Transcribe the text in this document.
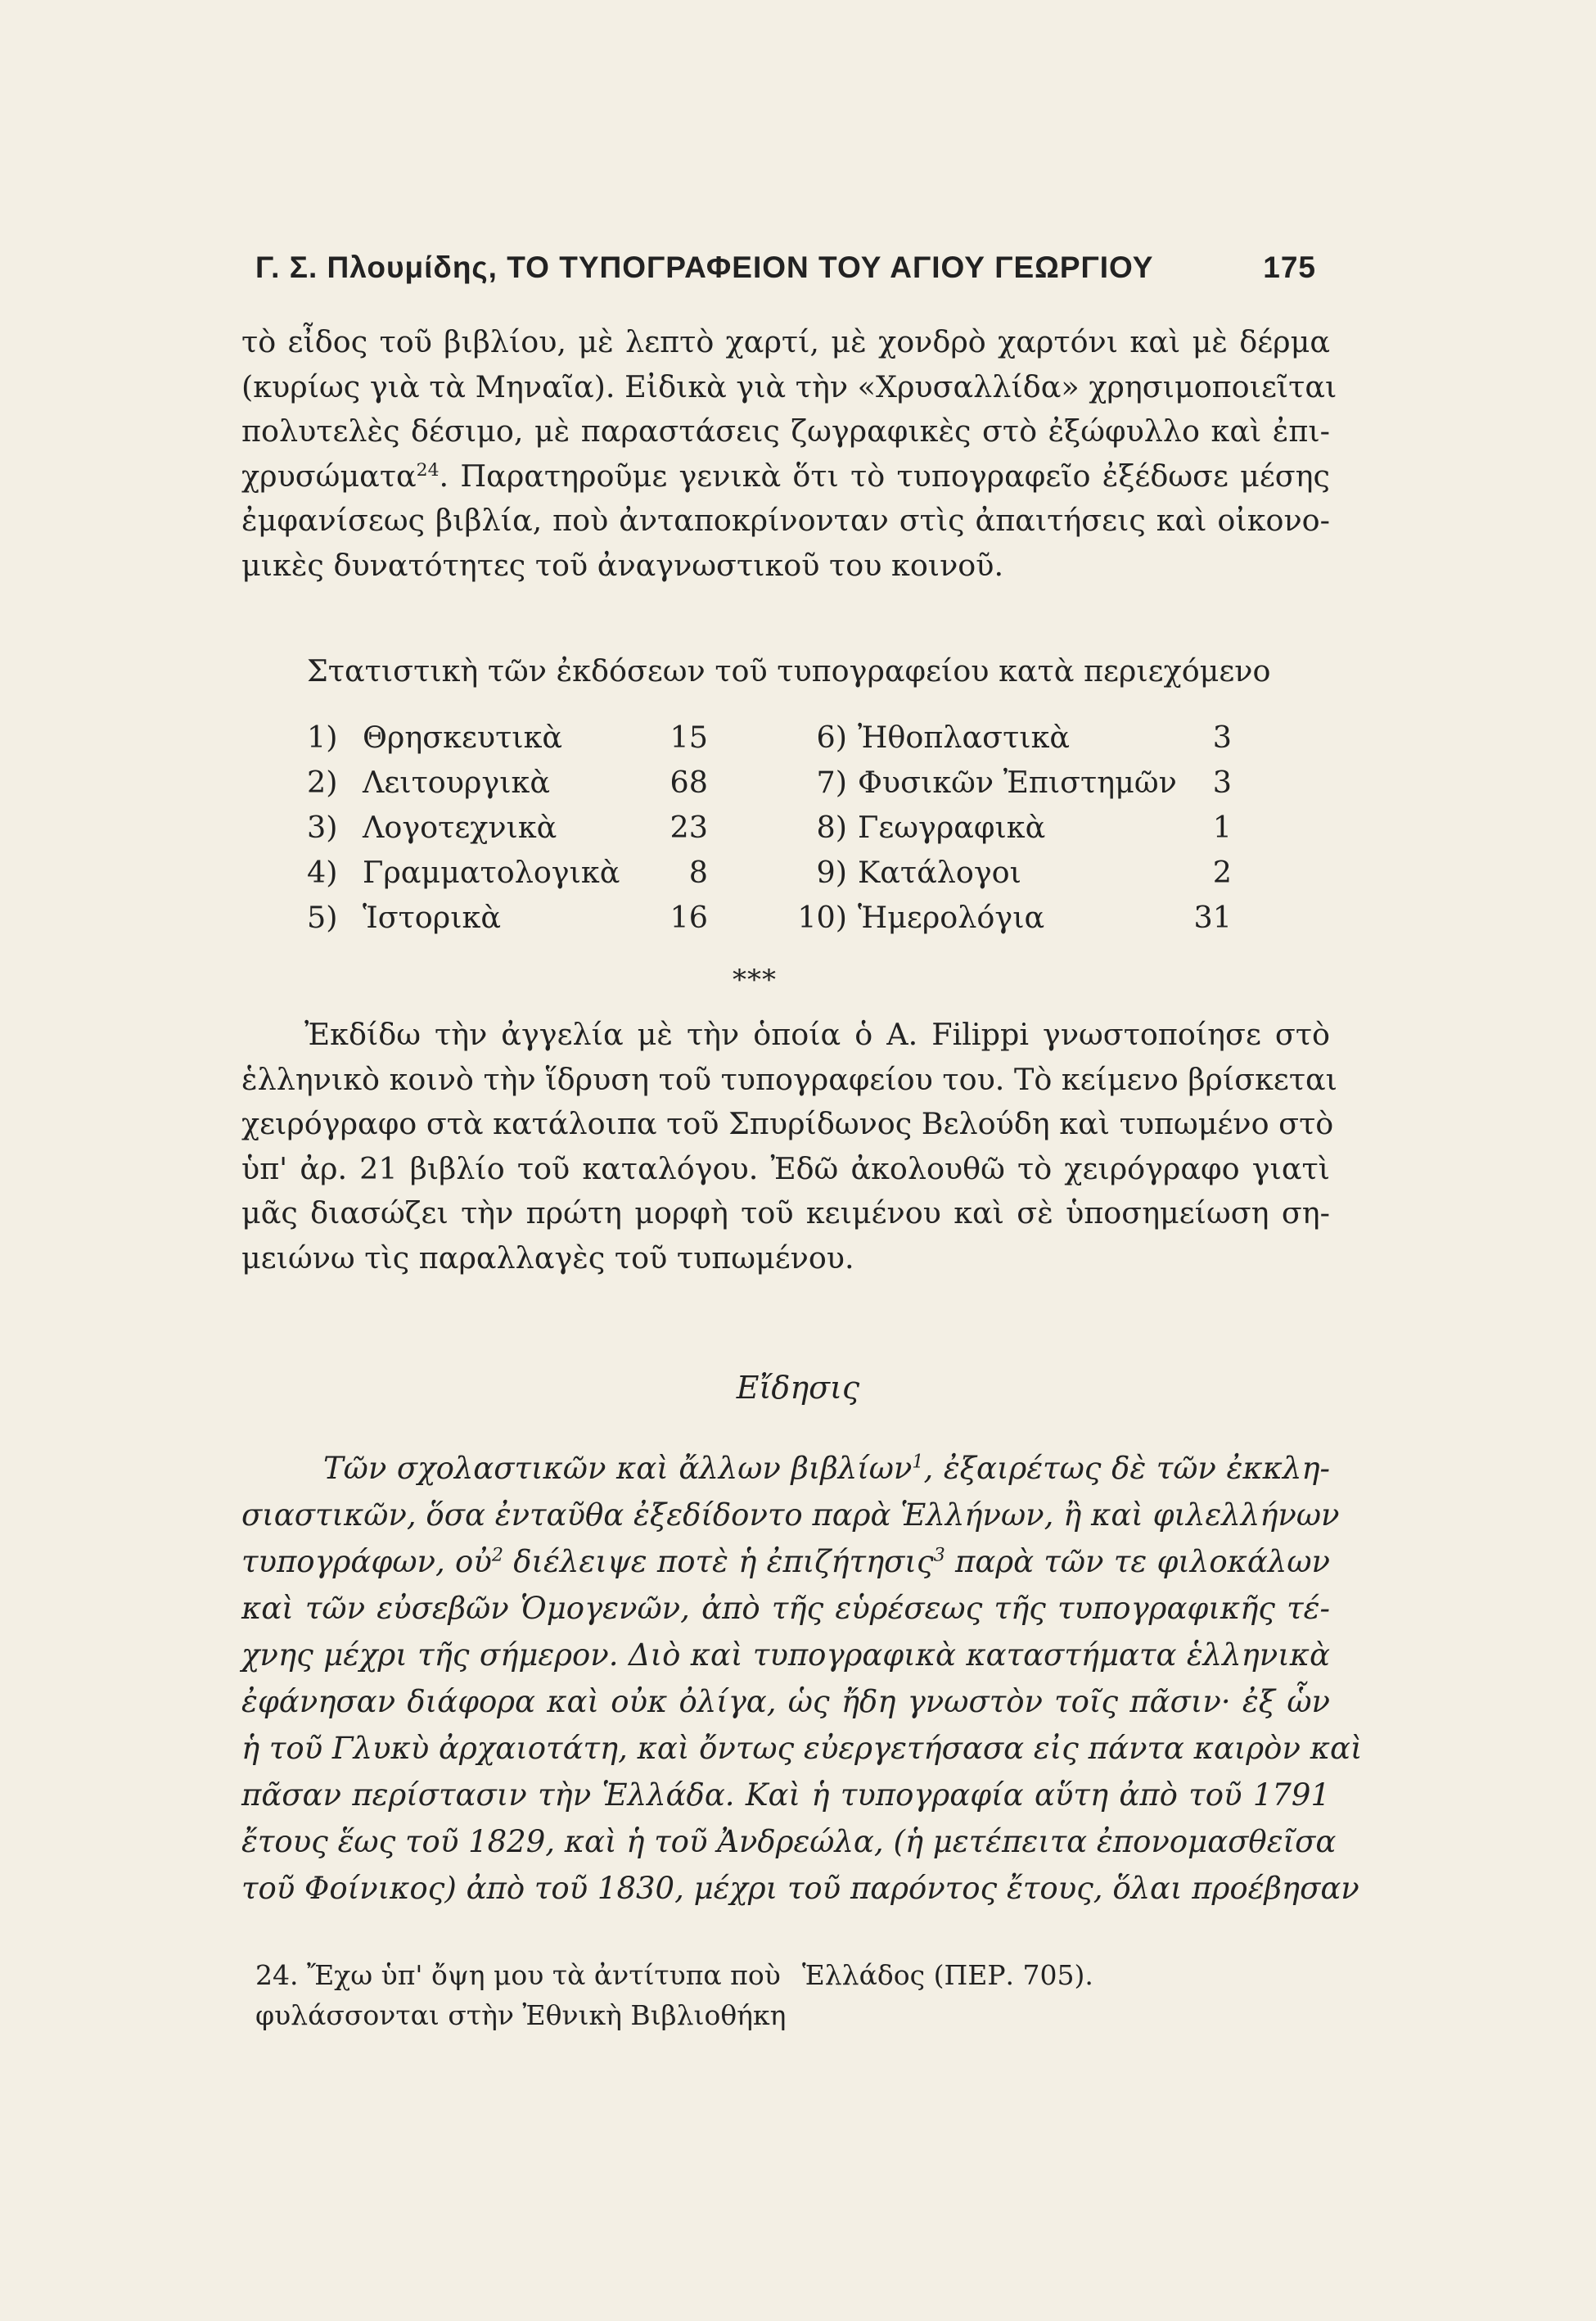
Γ. Σ. Πλουμίδης, ΤΟ ΤΥΠΟΓΡΑΦΕΙΟΝ ΤΟΥ ΑΓΙΟΥ ΓΕΩΡΓΙΟΥ	175
τὸ εἶδος τοῦ βιβλίου, μὲ λεπτὸ χαρτί, μὲ χονδρὸ χαρτόνι καὶ μὲ δέρμα
(κυρίως γιὰ τὰ Μηναῖα). Εἰδικὰ γιὰ τὴν «Χρυσαλλίδα» χρησιμοποιεῖται
πολυτελὲς δέσιμο, μὲ παραστάσεις ζωγραφικὲς στὸ ἐξώφυλλο καὶ ἐπι-
χρυσώματα$^{24}$. Παρατηροῦμε γενικὰ ὅτι τὸ τυπογραφεῖο ἐξέδωσε μέσης
ἐμφανίσεως βιβλία, ποὺ ἀνταποκρίνονταν στὶς ἀπαιτήσεις καὶ οἰκονο-
μικὲς δυνατότητες τοῦ ἀναγνωστικοῦ του κοινοῦ.
Στατιστικὴ τῶν ἐκδόσεων τοῦ τυπογραφείου κατὰ περιεχόμενο
1) Θρησκευτικὰ	15	6) Ἠθοπλαστικὰ	3
2) Λειτουργικὰ	68	7) Φυσικῶν Ἐπιστημῶν	3
3) Λογοτεχνικὰ	23	8) Γεωγραφικὰ	1
4) Γραμματολογικὰ	8	9) Κατάλογοι	2
5) Ἱστορικὰ	16	10) Ἡμερολόγια	31
***
Ἐκδίδω τὴν ἀγγελία μὲ τὴν ὁποία ὁ A. Filippi γνωστοποίησε στὸ
ἑλληνικὸ κοινὸ τὴν ἵδρυση τοῦ τυπογραφείου του. Τὸ κείμενο βρίσκεται
χειρόγραφο στὰ κατάλοιπα τοῦ Σπυρίδωνος Βελούδη καὶ τυπωμένο στὸ
ὑπ' ἀρ. 21 βιβλίο τοῦ καταλόγου. Ἐδῶ ἀκολουθῶ τὸ χειρόγραφο γιατὶ
μᾶς διασώζει τὴν πρώτη μορφὴ τοῦ κειμένου καὶ σὲ ὑποσημείωση ση-
μειώνω τὶς παραλλαγὲς τοῦ τυπωμένου.
Εἴδησις
Τῶν σχολαστικῶν καὶ ἄλλων βιβλίων$^1$, ἐξαιρέτως δὲ τῶν ἐκκλη-
σιαστικῶν, ὅσα ἐνταῦθα ἐξεδίδοντο παρὰ Ἑλλήνων, ἢ καὶ φιλελλήνων
τυπογράφων, οὐ$^2$ διέλειψε ποτὲ ἡ ἐπιζήτησις$^3$ παρὰ τῶν τε φιλοκάλων
καὶ τῶν εὐσεβῶν Ὁμογενῶν, ἀπὸ τῆς εὑρέσεως τῆς τυπογραφικῆς τέ-
χνης μέχρι τῆς σήμερον. Διὸ καὶ τυπογραφικὰ καταστήματα ἑλληνικὰ
ἐφάνησαν διάφορα καὶ οὐκ ὀλίγα, ὡς ἤδη γνωστὸν τοῖς πᾶσιν· ἐξ ὧν
ἡ τοῦ Γλυκὺ ἀρχαιοτάτη, καὶ ὄντως εὐεργετήσασα εἰς πάντα καιρὸν καὶ
πᾶσαν περίστασιν τὴν Ἑλλάδα. Καὶ ἡ τυπογραφία αὕτη ἀπὸ τοῦ 1791
ἔτους ἕως τοῦ 1829, καὶ ἡ τοῦ Ἀνδρεώλα, (ἡ μετέπειτα ἐπονομασθεῖσα
τοῦ Φοίνικος) ἀπὸ τοῦ 1830, μέχρι τοῦ παρόντος ἔτους, ὅλαι προέβησαν
24. Ἔχω ὑπ' ὄψη μου τὰ ἀντίτυπα ποὺ Ἑλλάδος (ΠΕΡ. 705).
φυλάσσονται στὴν Ἐθνικὴ Βιβλιοθήκη
